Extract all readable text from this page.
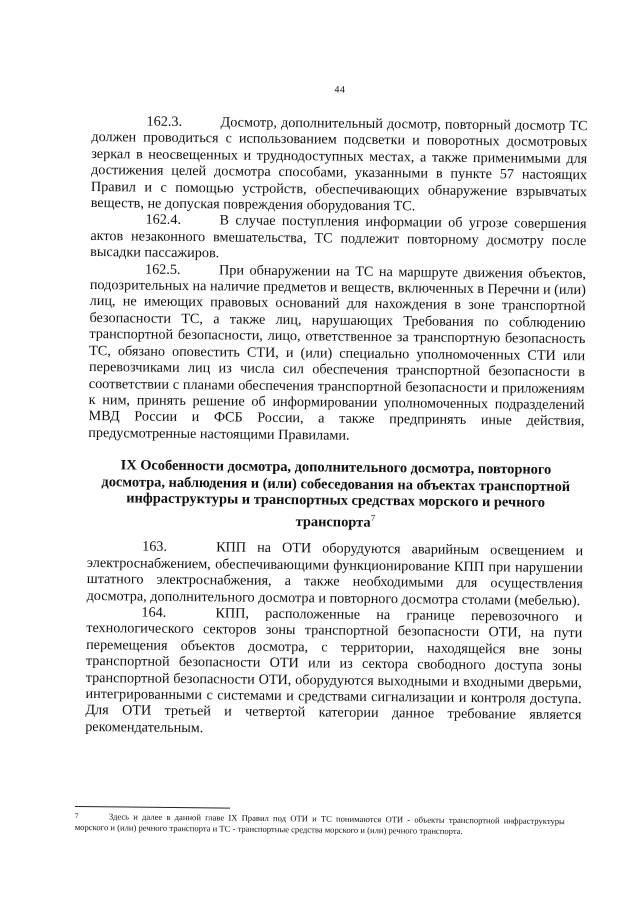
44

162.3.	Досмотр, дополнительный досмотр, повторный досмотр ТС должен проводиться с использованием подсветки и поворотных досмотровых зеркал в неосвещенных и труднодоступных местах, а также применимыми для достижения целей досмотра способами, указанными в пункте 57 настоящих Правил и с помощью устройств, обеспечивающих обнаружение взрывчатых веществ, не допуская повреждения оборудования ТС.

162.4.	В случае поступления информации об угрозе совершения актов незаконного вмешательства, ТС подлежит повторному досмотру после высадки пассажиров.

162.5.	При обнаружении на ТС на маршруте движения объектов, подозрительных на наличие предметов и веществ, включенных в Перечни и (или) лиц, не имеющих правовых оснований для нахождения в зоне транспортной безопасности ТС, а также лиц, нарушающих Требования по соблюдению транспортной безопасности, лицо, ответственное за транспортную безопасность ТС, обязано оповестить СТИ, и (или) специально уполномоченных СТИ или перевозчиками лиц из числа сил обеспечения транспортной безопасности в соответствии с планами обеспечения транспортной безопасности и приложениям к ним, принять решение об информировании уполномоченных подразделений МВД России и ФСБ России, а также предпринять иные действия, предусмотренные настоящими Правилами.

IX Особенности досмотра, дополнительного досмотра, повторного досмотра, наблюдения и (или) собеседования на объектах транспортной инфраструктуры и транспортных средствах морского и речного транспорта$^7$

163.	КПП на ОТИ оборудуются аварийным освещением и электроснабжением, обеспечивающими функционирование КПП при нарушении штатного электроснабжения, а также необходимыми для осуществления досмотра, дополнительного досмотра и повторного досмотра столами (мебелью).

164.	КПП, расположенные на границе перевозочного и технологического секторов зоны транспортной безопасности ОТИ, на пути перемещения объектов досмотра, с территории, находящейся вне зоны транспортной безопасности ОТИ или из сектора свободного доступа зоны транспортной безопасности ОТИ, оборудуются выходными и входными дверьми, интегрированными с системами и средствами сигнализации и контроля доступа. Для ОТИ третьей и четвертой категории данное требование является рекомендательным.

7	Здесь и далее в данной главе IX Правил под ОТИ и ТС понимаются ОТИ - объекты транспортной инфраструктуры морского и (или) речного транспорта и ТС - транспортные средства морского и (или) речного транспорта.
